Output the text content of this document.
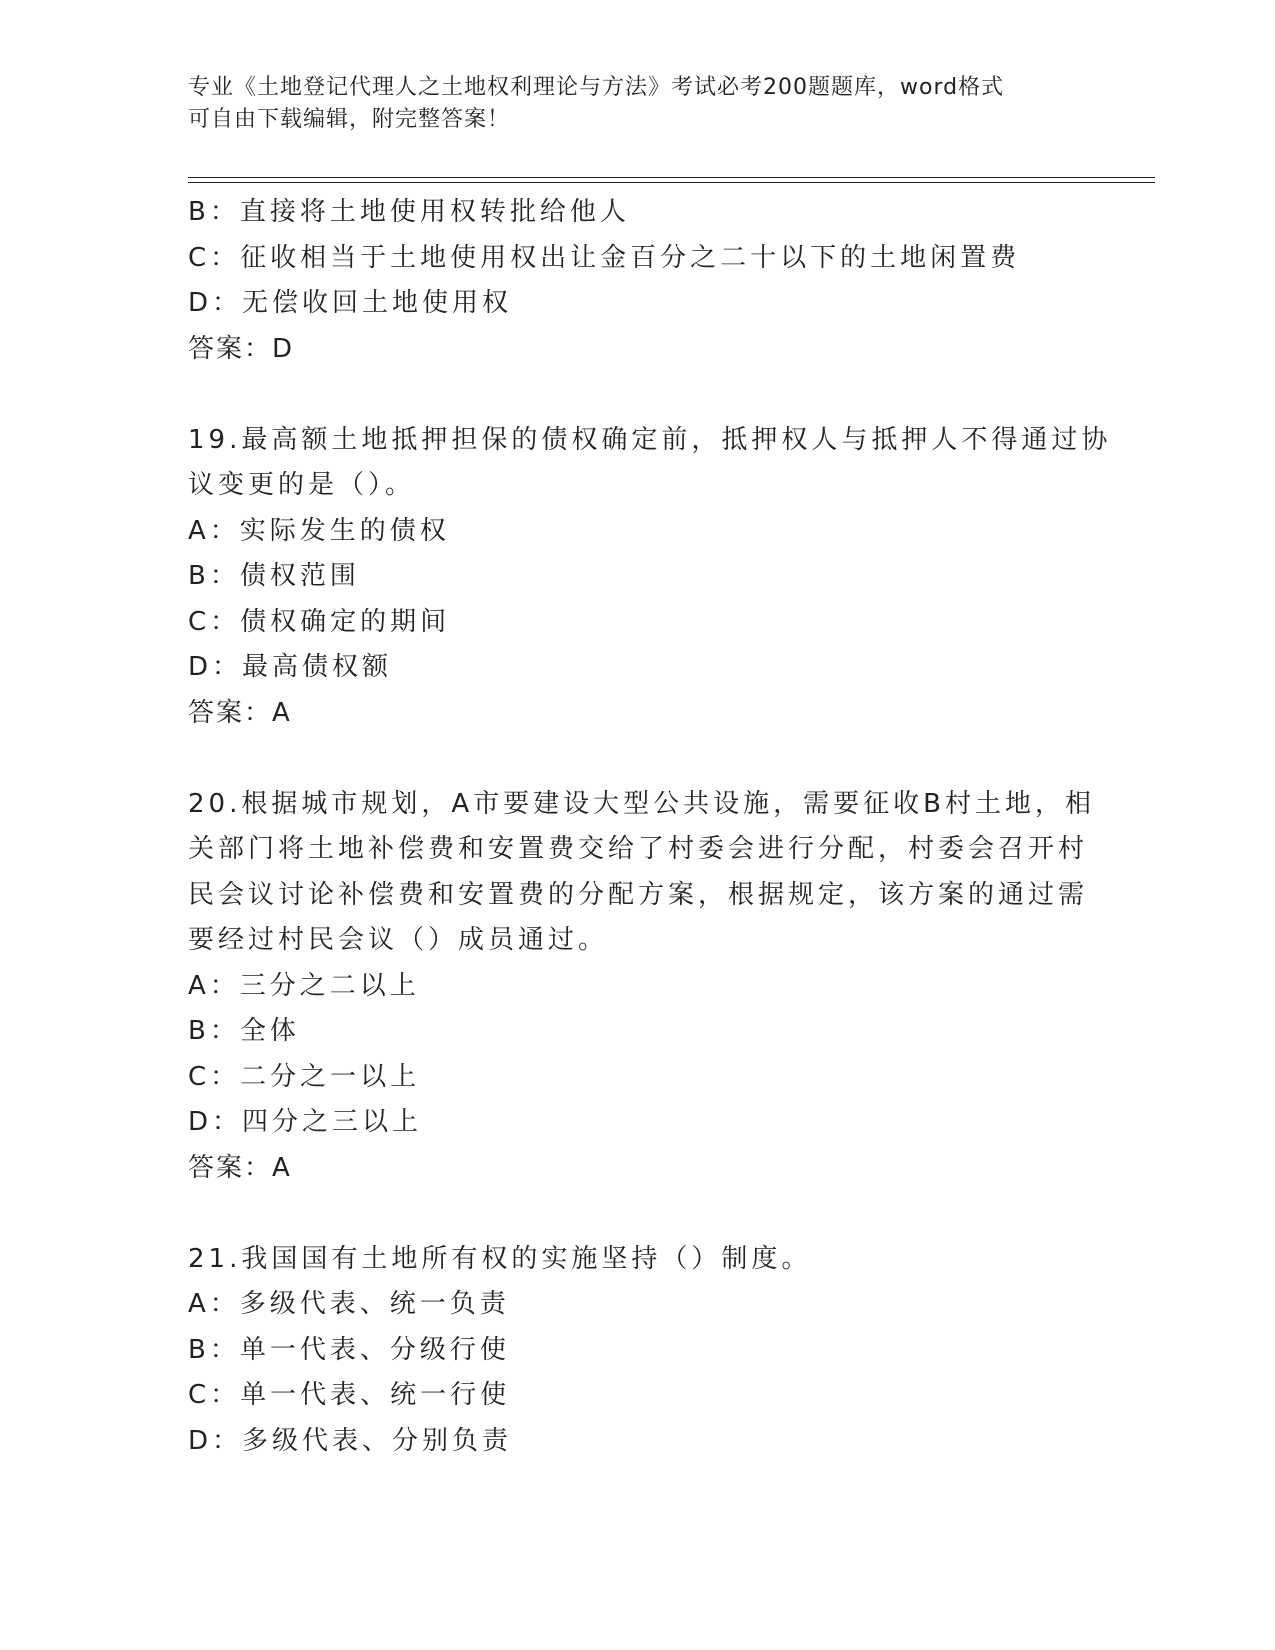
专业《土地登记代理人之土地权利理论与方法》考试必考200题题库，word格式
可自由下载编辑，附完整答案！
B：直接将土地使用权转批给他人
C：征收相当于土地使用权出让金百分之二十以下的土地闲置费
D：无偿收回土地使用权
答案：D
19.最高额土地抵押担保的债权确定前，抵押权人与抵押人不得通过协
议变更的是（）。
A：实际发生的债权
B：债权范围
C：债权确定的期间
D：最高债权额
答案：A
20.根据城市规划，A市要建设大型公共设施，需要征收B村土地，相
关部门将土地补偿费和安置费交给了村委会进行分配，村委会召开村
民会议讨论补偿费和安置费的分配方案，根据规定，该方案的通过需
要经过村民会议（）成员通过。
A：三分之二以上
B：全体
C：二分之一以上
D：四分之三以上
答案：A
21.我国国有土地所有权的实施坚持（）制度。
A：多级代表、统一负责
B：单一代表、分级行使
C：单一代表、统一行使
D：多级代表、分别负责
